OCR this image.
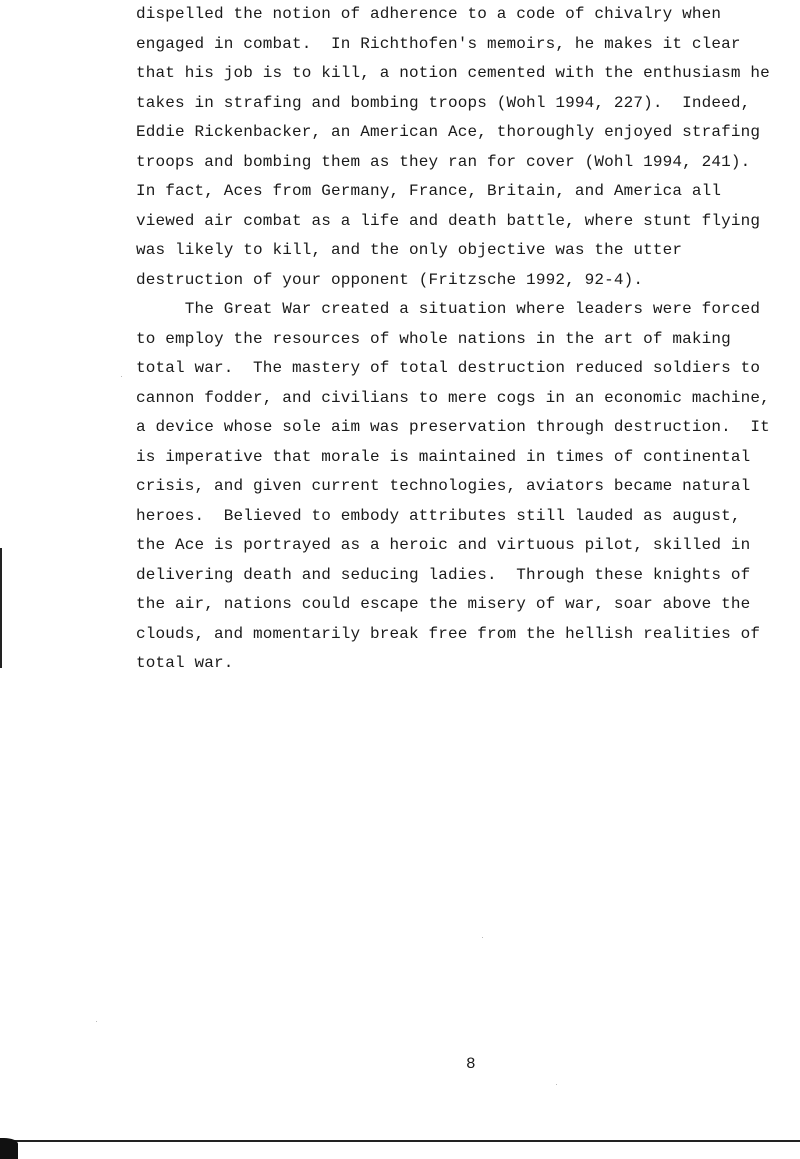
dispelled the notion of adherence to a code of chivalry when
engaged in combat.  In Richthofen's memoirs, he makes it clear
that his job is to kill, a notion cemented with the enthusiasm he
takes in strafing and bombing troops (Wohl 1994, 227).  Indeed,
Eddie Rickenbacker, an American Ace, thoroughly enjoyed strafing
troops and bombing them as they ran for cover (Wohl 1994, 241).
In fact, Aces from Germany, France, Britain, and America all
viewed air combat as a life and death battle, where stunt flying
was likely to kill, and the only objective was the utter
destruction of your opponent (Fritzsche 1992, 92-4).
The Great War created a situation where leaders were forced
to employ the resources of whole nations in the art of making
total war.  The mastery of total destruction reduced soldiers to
cannon fodder, and civilians to mere cogs in an economic machine,
a device whose sole aim was preservation through destruction.  It
is imperative that morale is maintained in times of continental
crisis, and given current technologies, aviators became natural
heroes.  Believed to embody attributes still lauded as august,
the Ace is portrayed as a heroic and virtuous pilot, skilled in
delivering death and seducing ladies.  Through these knights of
the air, nations could escape the misery of war, soar above the
clouds, and momentarily break free from the hellish realities of
total war.
8
